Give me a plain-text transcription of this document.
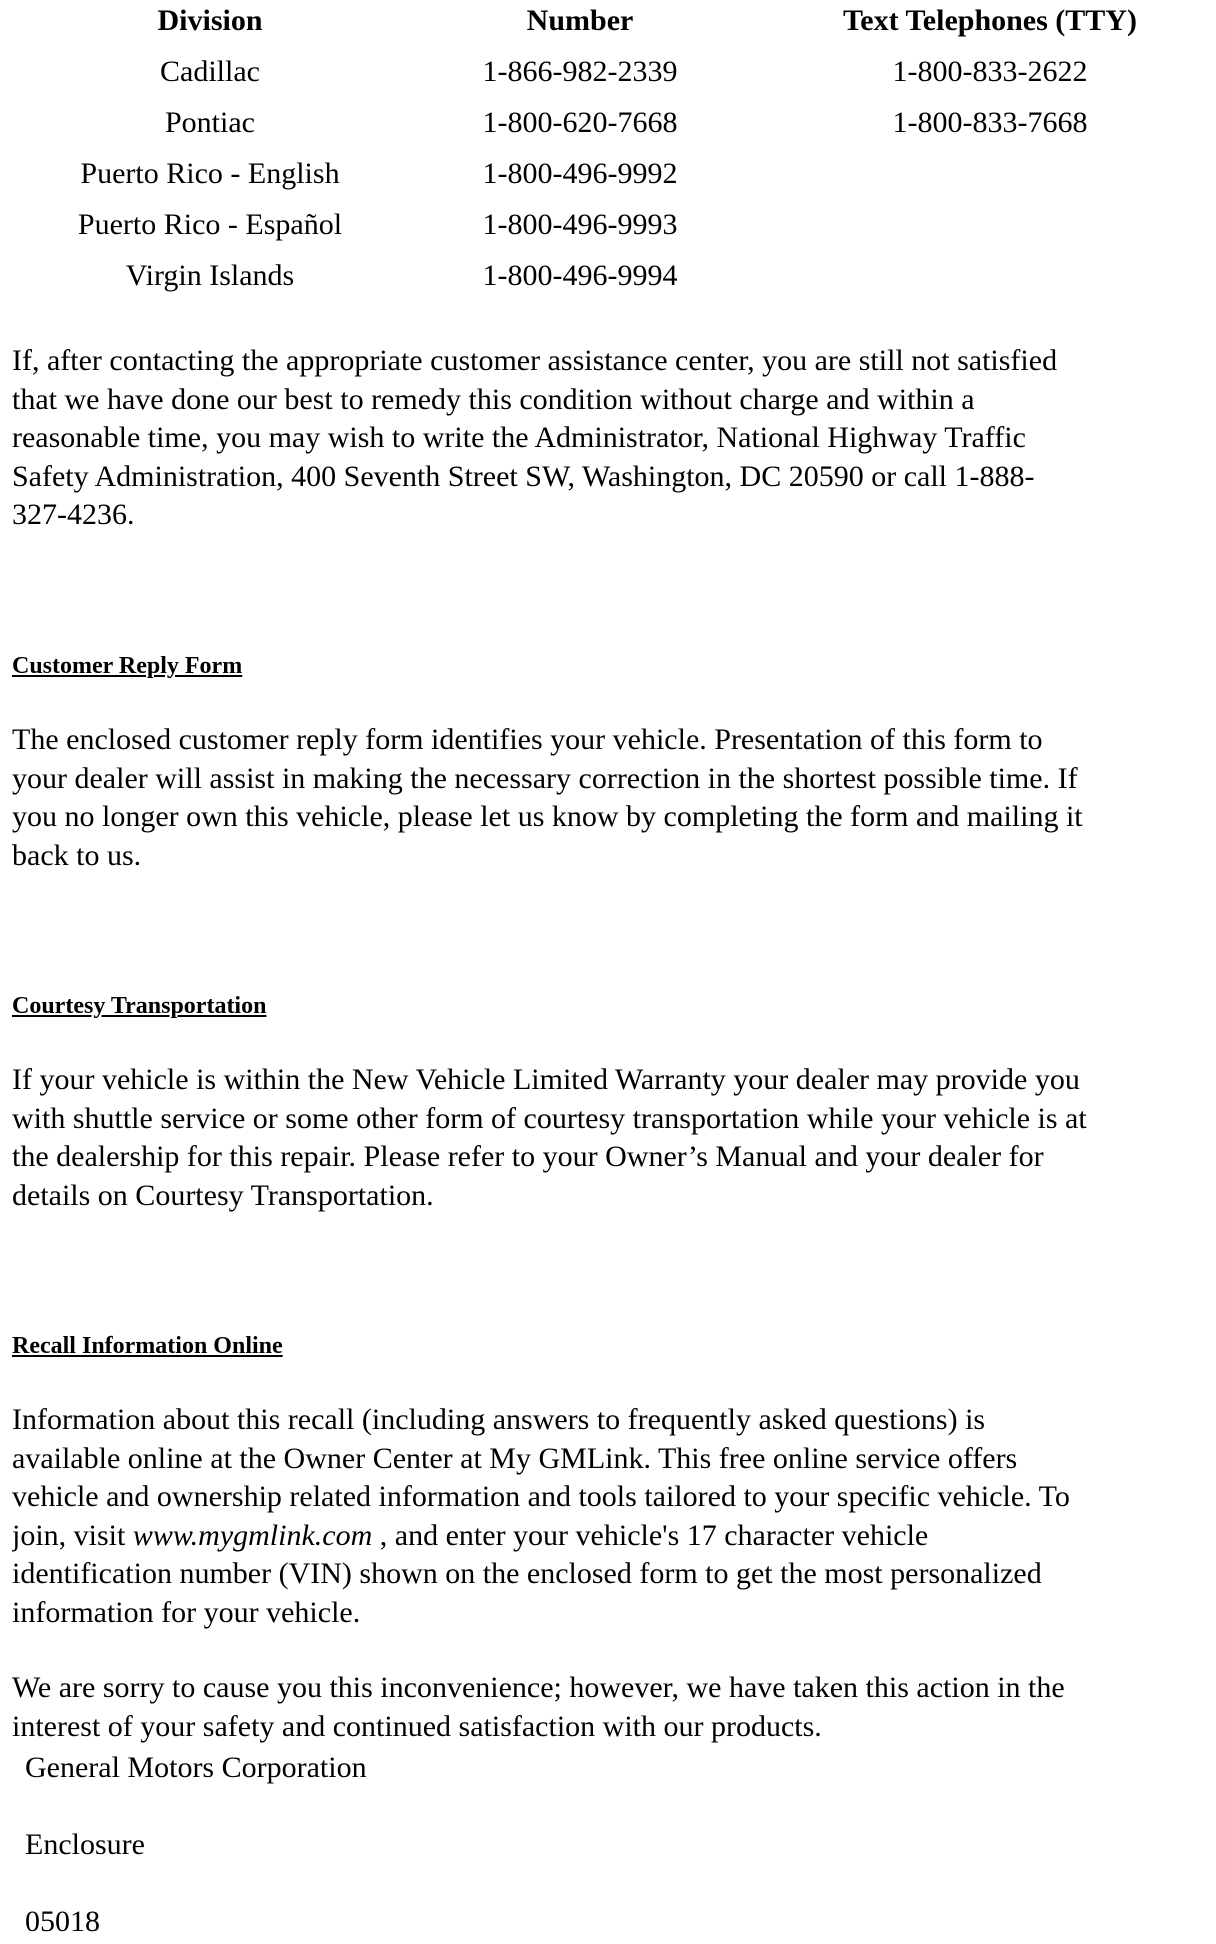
Division	Number	Text Telephones (TTY)
Cadillac	1-866-982-2339	1-800-833-2622
Pontiac	1-800-620-7668	1-800-833-7668
Puerto Rico - English	1-800-496-9992
Puerto Rico - Español	1-800-496-9993
Virgin Islands	1-800-496-9994
If, after contacting the appropriate customer assistance center, you are still not satisfied
that we have done our best to remedy this condition without charge and within a
reasonable time, you may wish to write the Administrator, National Highway Traffic
Safety Administration, 400 Seventh Street SW, Washington, DC 20590 or call 1-888-
327-4236.
Customer Reply Form
The enclosed customer reply form identifies your vehicle. Presentation of this form to
your dealer will assist in making the necessary correction in the shortest possible time. If
you no longer own this vehicle, please let us know by completing the form and mailing it
back to us.
Courtesy Transportation
If your vehicle is within the New Vehicle Limited Warranty your dealer may provide you
with shuttle service or some other form of courtesy transportation while your vehicle is at
the dealership for this repair. Please refer to your Owner’s Manual and your dealer for
details on Courtesy Transportation.
Recall Information Online
Information about this recall (including answers to frequently asked questions) is
available online at the Owner Center at My GMLink. This free online service offers
vehicle and ownership related information and tools tailored to your specific vehicle. To
join, visit www.mygmlink.com , and enter your vehicle's 17 character vehicle
identification number (VIN) shown on the enclosed form to get the most personalized
information for your vehicle.
We are sorry to cause you this inconvenience; however, we have taken this action in the
interest of your safety and continued satisfaction with our products.
General Motors Corporation
Enclosure
05018
